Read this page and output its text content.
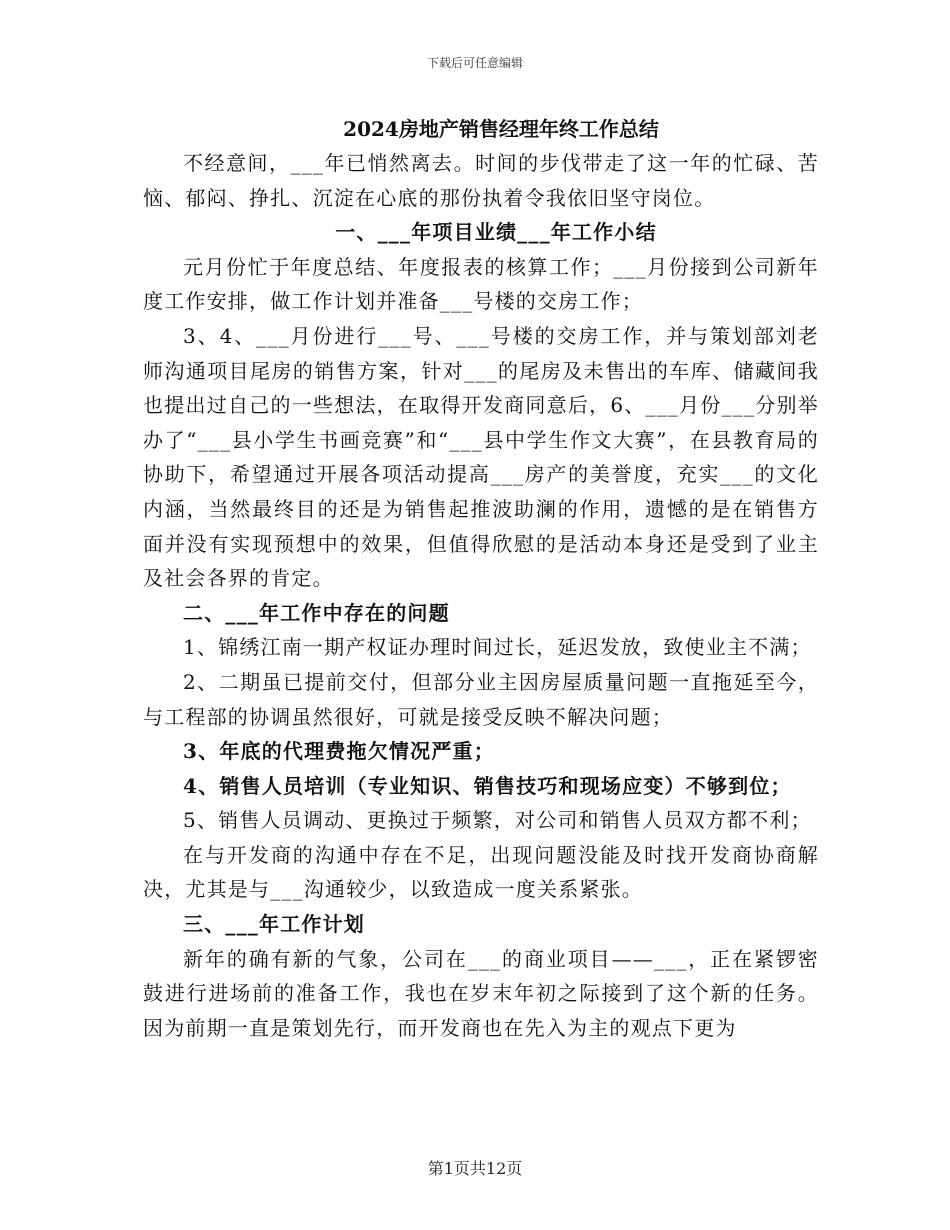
下载后可任意编辑

2024房地产销售经理年终工作总结

不经意间，___年已悄然离去。时间的步伐带走了这一年的忙碌、苦恼、郁闷、挣扎、沉淀在心底的那份执着令我依旧坚守岗位。

一、___年项目业绩___年工作小结

元月份忙于年度总结、年度报表的核算工作；___月份接到公司新年度工作安排，做工作计划并准备___号楼的交房工作；

3、4、___月份进行___号、___号楼的交房工作，并与策划部刘老师沟通项目尾房的销售方案，针对___的尾房及未售出的车库、储藏间我也提出过自己的一些想法，在取得开发商同意后，6、___月份___分别举办了“___县小学生书画竞赛”和“___县中学生作文大赛”，在县教育局的协助下，希望通过开展各项活动提高___房产的美誉度，充实___的文化内涵，当然最终目的还是为销售起推波助澜的作用，遗憾的是在销售方面并没有实现预想中的效果，但值得欣慰的是活动本身还是受到了业主及社会各界的肯定。

二、___年工作中存在的问题

1、锦绣江南一期产权证办理时间过长，延迟发放，致使业主不满；

2、二期虽已提前交付，但部分业主因房屋质量问题一直拖延至今，与工程部的协调虽然很好，可就是接受反映不解决问题；

3、年底的代理费拖欠情况严重；

4、销售人员培训（专业知识、销售技巧和现场应变）不够到位；

5、销售人员调动、更换过于频繁，对公司和销售人员双方都不利；

在与开发商的沟通中存在不足，出现问题没能及时找开发商协商解决，尤其是与___沟通较少，以致造成一度关系紧张。

三、___年工作计划

新年的确有新的气象，公司在___的商业项目——___，正在紧锣密鼓进行进场前的准备工作，我也在岁末年初之际接到了这个新的任务。因为前期一直是策划先行，而开发商也在先入为主的观点下更为

第1页共12页
